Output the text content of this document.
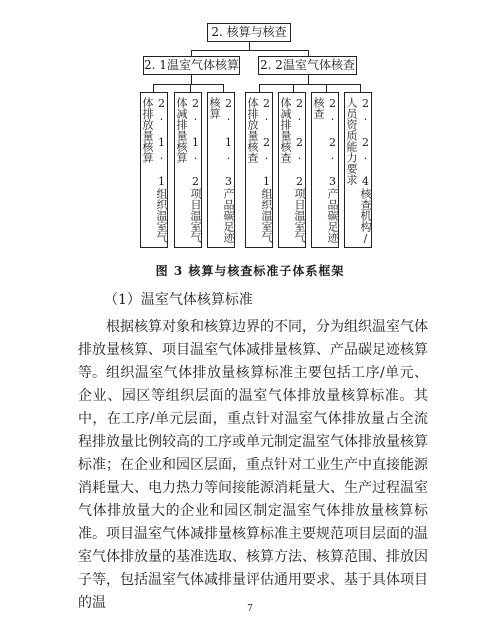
2. 核算与核查
2. 1温室气体核算 2. 2温室气体核查
2. 1. 1组织温室气体排放量核算	2. 1. 2项目温室气体减排量核算	2. 1. 3产品碳足迹核算	2. 2. 1组织温室气体排放量核查	2. 2. 2项目温室气体减排量核查	2. 2. 3产品碳足迹核查	2. 2. 4核查机构/人员资质能力要求
图 3 核算与核查标准子体系框架
（1）温室气体核算标准

根据核算对象和核算边界的不同，分为组织温室气体排放量核算、项目温室气体减排量核算、产品碳足迹核算等。 组织温室气体排放量核算标准主要包括工序/单元、企业、园区等组织层面的温室气体排放量核算标准。其中，在工序/单元层面，重点针对温室气体排放量占全流程排放量比例较高的工序或单元制定温室气体排放量核算标准；在企业和园区层面，重点针对工业生产中直接能源消耗量大、电力热力等间接能源消耗量大、生产过程温室气体排放量大的企业和园区制定温室气体排放量核算标准。 项目温室气体减排量核算标准主要规范项目层面的温室气体排放量的基准选取、核算方法、核算范围、排放因子等，包括温室气体减排量评估通用要求、基于具体项目的温	7
